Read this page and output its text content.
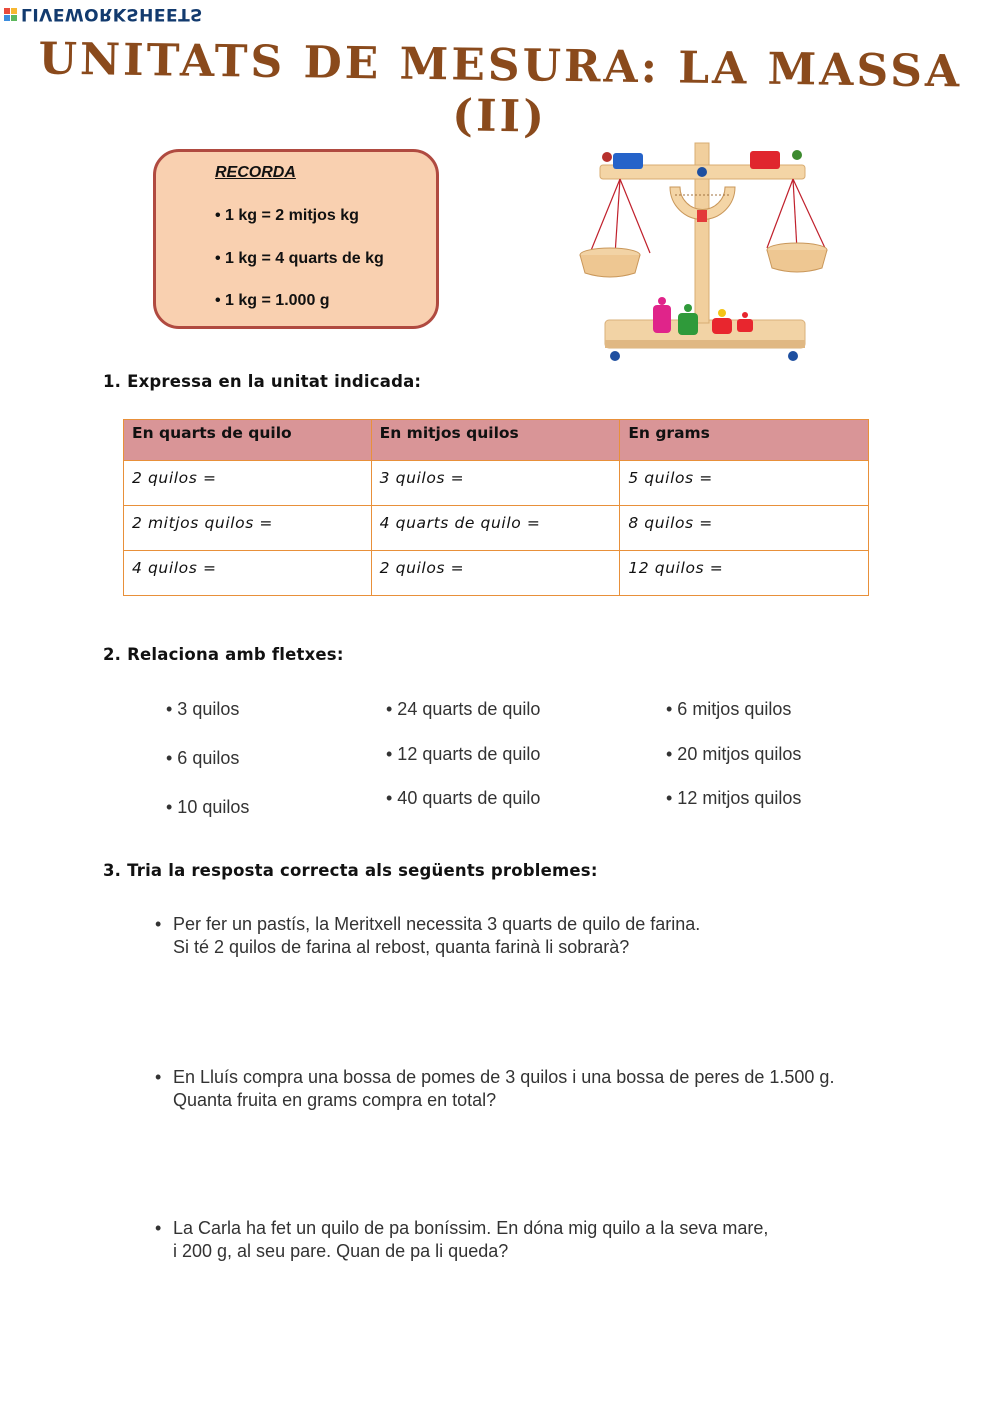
LIVEWORKSHEETS
UNITATS DE MESURA: LA MASSA (II)
RECORDA
• 1 kg = 2 mitjos kg
• 1 kg = 4 quarts de kg
• 1 kg = 1.000 g
1. Expressa en la unitat indicada:
En quarts de quilo	En mitjos quilos	En grams
2 quilos =	3 quilos =	5 quilos =
2 mitjos quilos =	4 quarts de quilo =	8 quilos =
4 quilos =	2 quilos =	12 quilos =
2. Relaciona amb fletxes:
• 3 quilos
• 6 quilos
• 10 quilos
• 24 quarts de quilo
• 12 quarts de quilo
• 40 quarts de quilo
• 6 mitjos quilos
• 20 mitjos quilos
• 12 mitjos quilos
3. Tria la resposta correcta als següents problemes:
• Per fer un pastís, la Meritxell necessita 3 quarts de quilo de farina.
Si té 2 quilos de farina al rebost, quanta farinà li sobrarà?
• En Lluís compra una bossa de pomes de 3 quilos i una bossa de peres de 1.500 g.
Quanta fruita en grams compra en total?
• La Carla ha fet un quilo de pa boníssim. En dóna mig quilo a la seva mare,
i 200 g, al seu pare. Quan de pa li queda?
